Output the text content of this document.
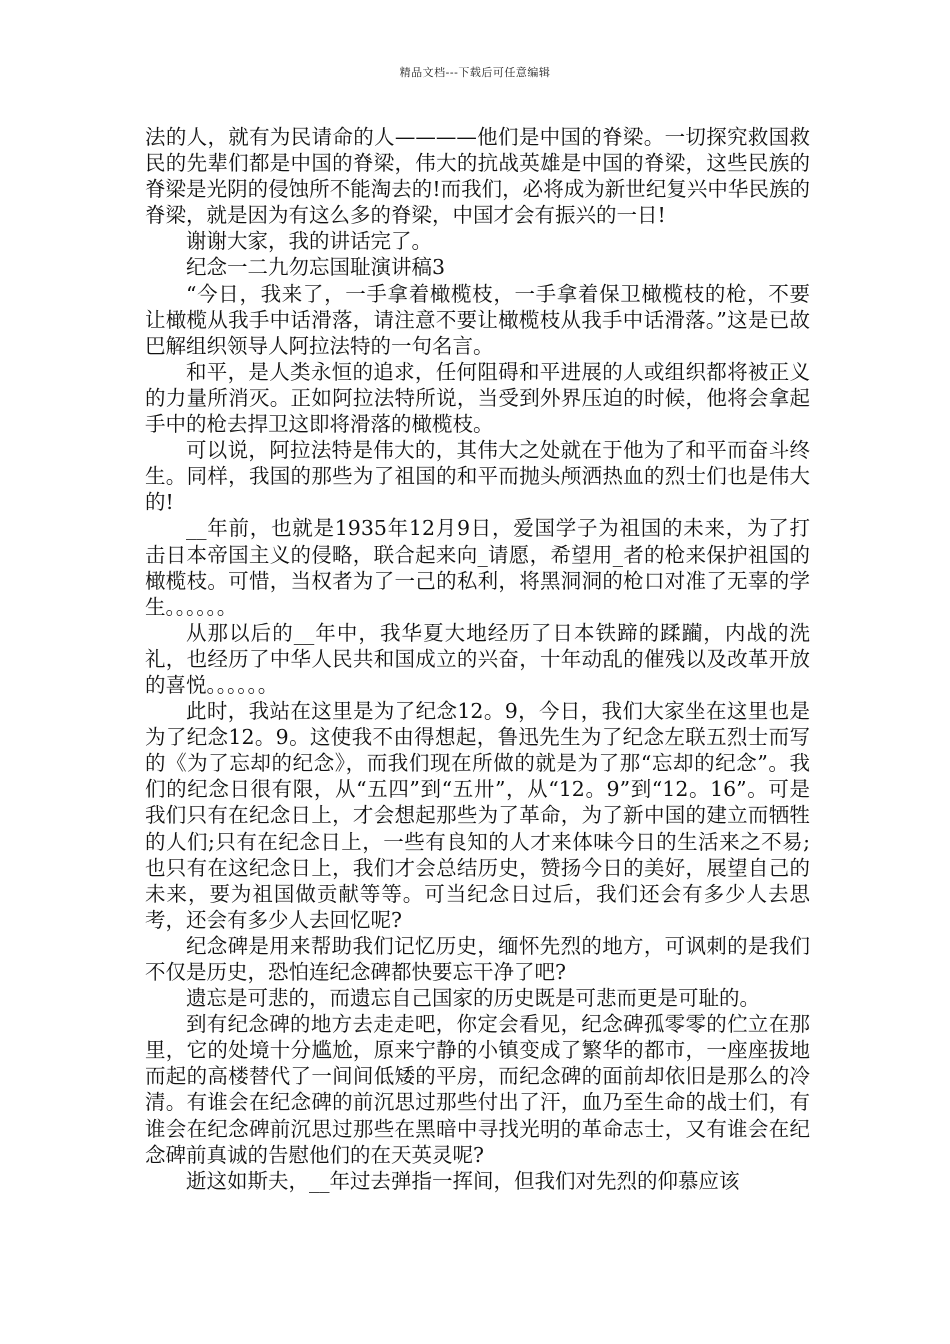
精品文档---下载后可任意编辑

法的人，就有为民请命的人————他们是中国的脊梁。一切探究救国救民的先辈们都是中国的脊梁，伟大的抗战英雄是中国的脊梁，这些民族的脊梁是光阴的侵蚀所不能淘去的!而我们，必将成为新世纪复兴中华民族的脊梁，就是因为有这么多的脊梁，中国才会有振兴的一日!

谢谢大家，我的讲话完了。

纪念一二九勿忘国耻演讲稿3

“今日，我来了，一手拿着橄榄枝，一手拿着保卫橄榄枝的枪，不要让橄榄从我手中话滑落，请注意不要让橄榄枝从我手中话滑落。”这是已故巴解组织领导人阿拉法特的一句名言。

和平，是人类永恒的追求，任何阻碍和平进展的人或组织都将被正义的力量所消灭。正如阿拉法特所说，当受到外界压迫的时候，他将会拿起手中的枪去捍卫这即将滑落的橄榄枝。

可以说，阿拉法特是伟大的，其伟大之处就在于他为了和平而奋斗终生。同样，我国的那些为了祖国的和平而抛头颅洒热血的烈士们也是伟大的!

__年前，也就是1935年12月9日，爱国学子为祖国的未来，为了打击日本帝国主义的侵略，联合起来向_请愿，希望用_者的枪来保护祖国的橄榄枝。可惜，当权者为了一己的私利，将黑洞洞的枪口对准了无辜的学生。。。。。。

从那以后的__年中，我华夏大地经历了日本铁蹄的蹂躏，内战的洗礼，也经历了中华人民共和国成立的兴奋，十年动乱的催残以及改革开放的喜悦。。。。。。

此时，我站在这里是为了纪念12。9，今日，我们大家坐在这里也是为了纪念12。9。这使我不由得想起，鲁迅先生为了纪念左联五烈士而写的《为了忘却的纪念》，而我们现在所做的就是为了那“忘却的纪念”。我们的纪念日很有限，从“五四”到“五卅”，从“12。9”到“12。16”。可是我们只有在纪念日上，才会想起那些为了革命，为了新中国的建立而牺牲的人们;只有在纪念日上，一些有良知的人才来体味今日的生活来之不易;也只有在这纪念日上，我们才会总结历史，赞扬今日的美好，展望自己的未来，要为祖国做贡献等等。可当纪念日过后，我们还会有多少人去思考，还会有多少人去回忆呢?

纪念碑是用来帮助我们记忆历史，缅怀先烈的地方，可讽刺的是我们不仅是历史，恐怕连纪念碑都快要忘干净了吧?

遗忘是可悲的，而遗忘自己国家的历史既是可悲而更是可耻的。

到有纪念碑的地方去走走吧，你定会看见，纪念碑孤零零的伫立在那里，它的处境十分尴尬，原来宁静的小镇变成了繁华的都市，一座座拔地而起的高楼替代了一间间低矮的平房，而纪念碑的面前却依旧是那么的冷清。有谁会在纪念碑的前沉思过那些付出了汗，血乃至生命的战士们，有谁会在纪念碑前沉思过那些在黑暗中寻找光明的革命志士，又有谁会在纪念碑前真诚的告慰他们的在天英灵呢?

逝这如斯夫，__年过去弹指一挥间，但我们对先烈的仰慕应该
